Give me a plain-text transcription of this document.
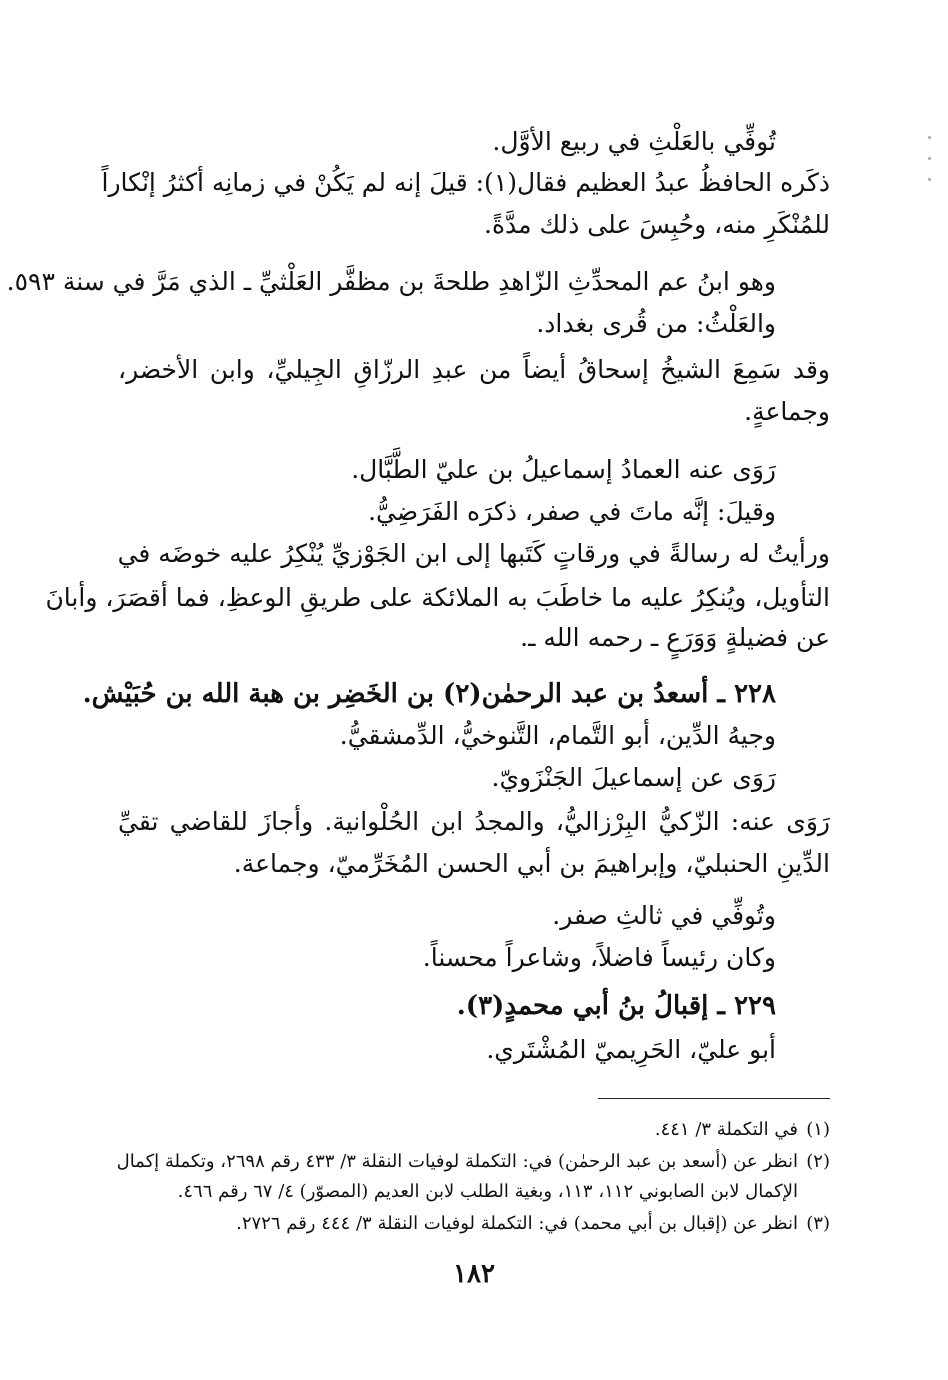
تُوفِّي بالعَلْثِ في ربيع الأوَّل.
ذكَره الحافظُ عبدُ العظيم فقال(١): قيلَ إنه لم يَكُنْ في زمانِه أكثرُ إنْكاراً
للمُنْكَرِ منه، وحُبِسَ على ذلك مدَّةً.
وهو ابنُ عم المحدِّثِ الزّاهدِ طلحةَ بن مظفَّر العَلْثيِّ ـ الذي مَرَّ في سنة ٥٩٣.
والعَلْثُ: من قُرى بغداد.
وقد سَمِعَ الشيخُ إسحاقُ أيضاً من عبدِ الرزّاقِ الجِيليِّ، وابن الأخضر،
وجماعةٍ.
رَوَى عنه العمادُ إسماعيلُ بن عليّ الطَّبَّال.
وقيلَ: إنَّه ماتَ في صفر، ذكرَه الفَرَضِيُّ.
ورأيتُ له رسالةً في ورقاتٍ كَتَبها إلى ابن الجَوْزيِّ يُنْكِرُ عليه خوضَه في
التأويل، ويُنكِرُ عليه ما خاطَبَ به الملائكة على طريقِ الوعظِ، فما أقصَرَ، وأبانَ
عن فضيلةٍ وَوَرَعٍ ـ رحمه الله ـ.
٢٢٨ ـ أسعدُ بن عبد الرحمٰن(٢) بن الخَضِر بن هبة الله بن حُبَيْش.
وجيهُ الدِّين، أبو التَّمام، التَّنوخيُّ، الدِّمشقيُّ.
رَوَى عن إسماعيلَ الجَنْزَويّ.
رَوَى عنه: الزّكيُّ البِرْزاليُّ، والمجدُ ابن الحُلْوانية. وأجازَ للقاضي تقيِّ
الدِّينِ الحنبليّ، وإبراهيمَ بن أبي الحسن المُخَرِّميّ، وجماعة.
وتُوفِّي في ثالثِ صفر.
وكان رئيساً فاضلاً، وشاعراً محسناً.
٢٢٩ ـ إقبالُ بنُ أبي محمدٍ(٣).
أبو عليّ، الحَرِيميّ المُشْتَري.
(١)في التكملة ٣/ ٤٤١.
(٢)انظر عن (أسعد بن عبد الرحمٰن) في: التكملة لوفيات النقلة ٣/ ٤٣٣ رقم ٢٦٩٨، وتكملة إكمال
الإكمال لابن الصابوني ١١٢، ١١٣، وبغية الطلب لابن العديم (المصوّر) ٤/ ٦٧ رقم ٤٦٦.
(٣)انظر عن (إقبال بن أبي محمد) في: التكملة لوفيات النقلة ٣/ ٤٤٤ رقم ٢٧٢٦.
١٨٢
